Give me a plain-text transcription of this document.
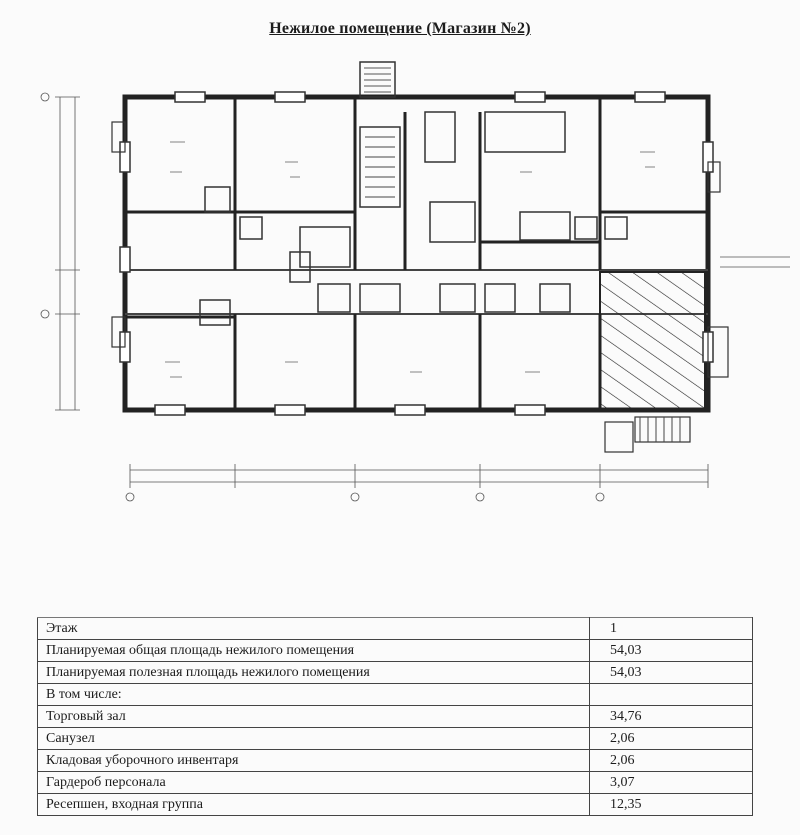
Нежилое помещение (Магазин №2)
Этаж	1
Планируемая общая площадь нежилого помещения	54,03
Планируемая полезная площадь нежилого помещения	54,03
В том числе:	
Торговый зал	34,76
Санузел	2,06
Кладовая уборочного инвентаря	2,06
Гардероб персонала	3,07
Ресепшен, входная группа	12,35
